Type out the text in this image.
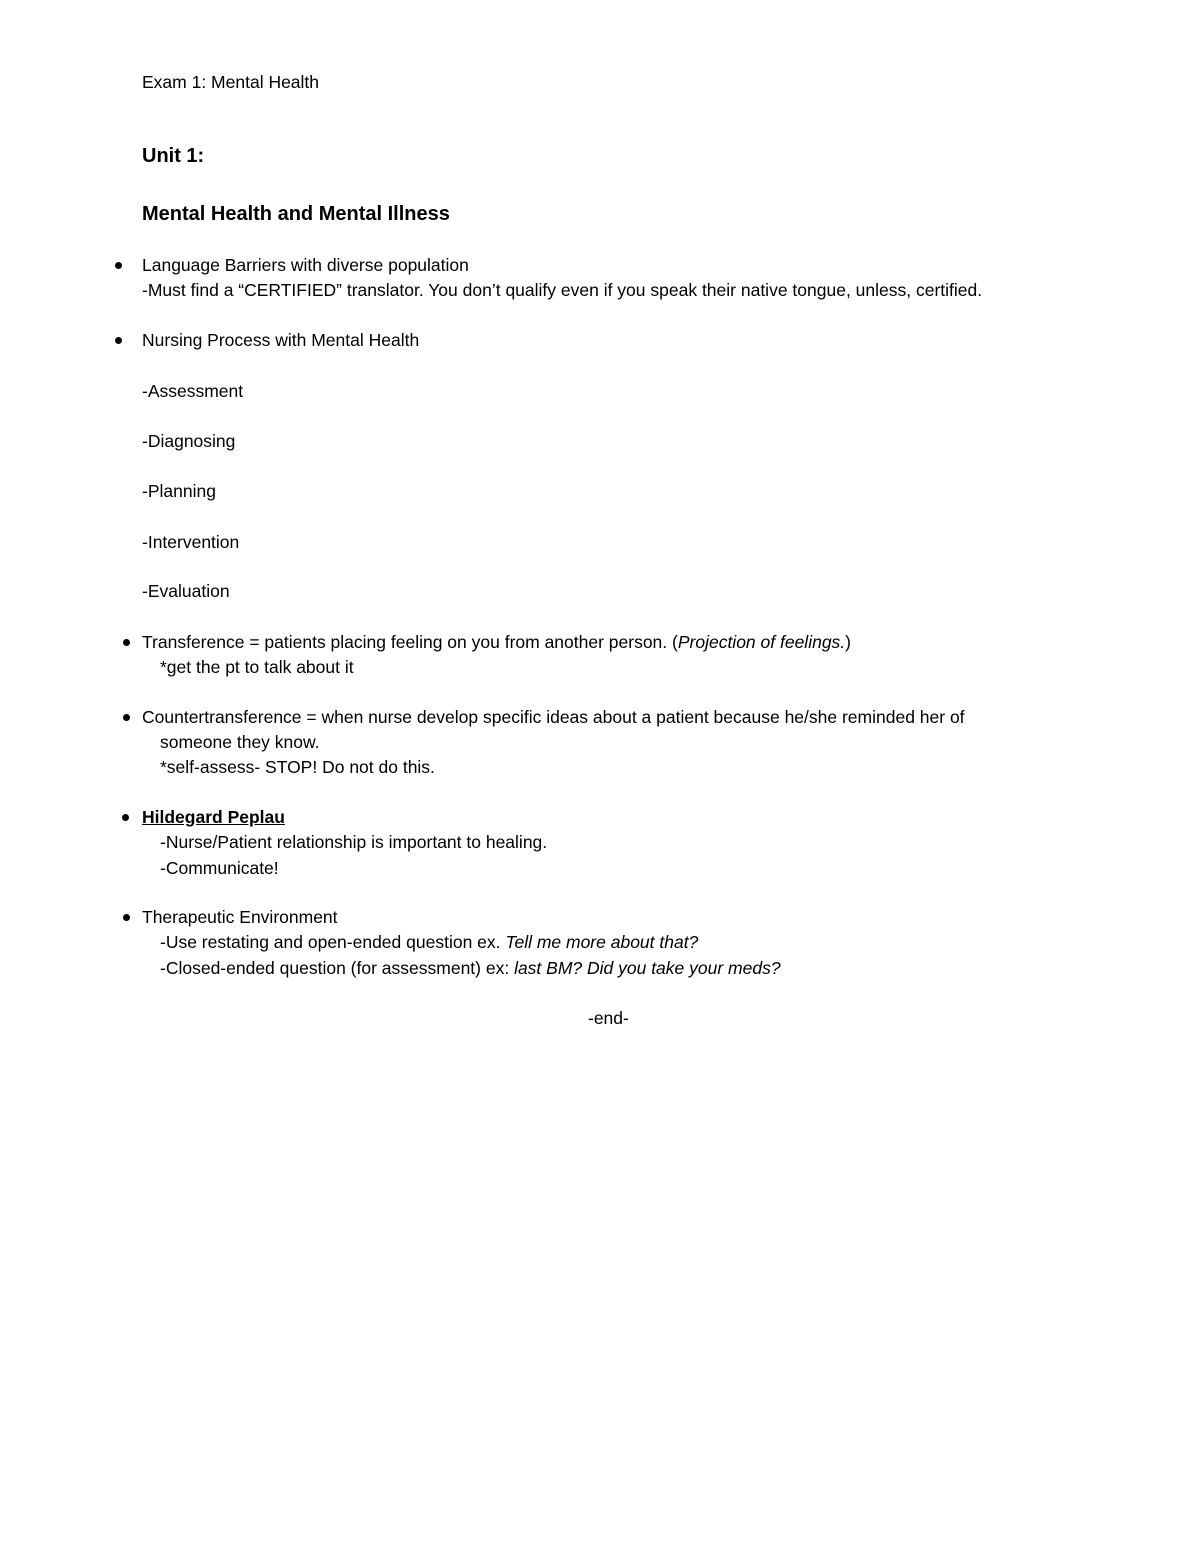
Exam 1: Mental Health
Unit 1:
Mental Health and Mental Illness
Language Barriers with diverse population
-Must find a “CERTIFIED” translator. You don’t qualify even if you speak their native tongue, unless, certified.
Nursing Process with Mental Health
-Assessment
-Diagnosing
-Planning
-Intervention
-Evaluation
Transference = patients placing feeling on you from another person. (Projection of feelings.)
*get the pt to talk about it
Countertransference = when nurse develop specific ideas about a patient because he/she reminded her of
someone they know.
*self-assess- STOP! Do not do this.
Hildegard Peplau
-Nurse/Patient relationship is important to healing.
-Communicate!
Therapeutic Environment
-Use restating and open-ended question ex. Tell me more about that?
-Closed-ended question (for assessment) ex: last BM? Did you take your meds?
-end-
